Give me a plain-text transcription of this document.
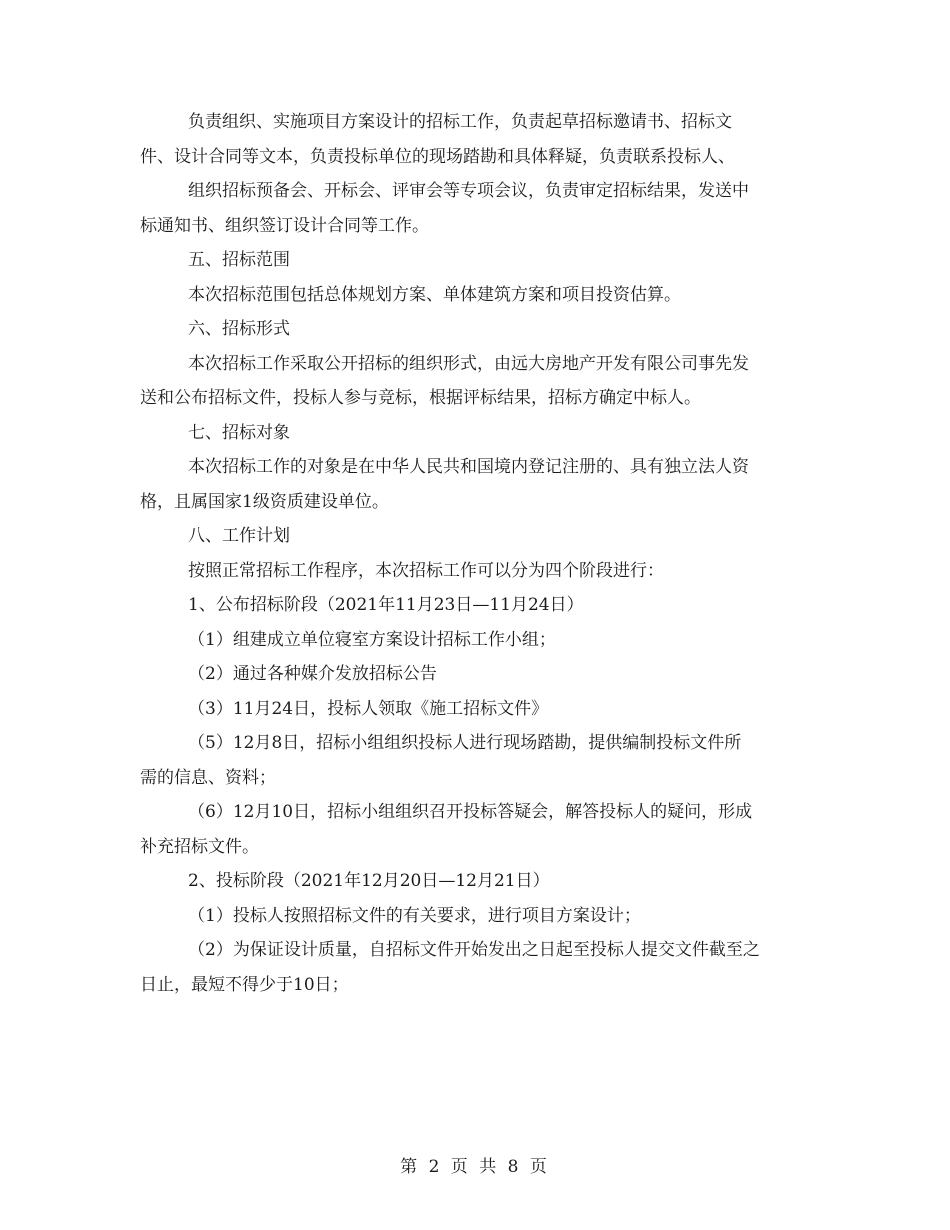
负责组织、实施项目方案设计的招标工作，负责起草招标邀请书、招标文
件、设计合同等文本，负责投标单位的现场踏勘和具体释疑，负责联系投标人、

组织招标预备会、开标会、评审会等专项会议，负责审定招标结果，发送中
标通知书、组织签订设计合同等工作。

五、招标范围

本次招标范围包括总体规划方案、单体建筑方案和项目投资估算。

六、招标形式

本次招标工作采取公开招标的组织形式，由远大房地产开发有限公司事先发
送和公布招标文件，投标人参与竞标，根据评标结果，招标方确定中标人。

七、招标对象

本次招标工作的对象是在中华人民共和国境内登记注册的、具有独立法人资
格，且属国家1级资质建设单位。

八、工作计划

按照正常招标工作程序，本次招标工作可以分为四个阶段进行：

1、公布招标阶段（2021年11月23日—11月24日）

（1）组建成立单位寝室方案设计招标工作小组；

（2）通过各种媒介发放招标公告

（3）11月24日，投标人领取《施工招标文件》

（5）12月8日，招标小组组织投标人进行现场踏勘，提供编制投标文件所
需的信息、资料；

（6）12月10日，招标小组组织召开投标答疑会，解答投标人的疑问，形成
补充招标文件。

2、投标阶段（2021年12月20日—12月21日）

（1）投标人按照招标文件的有关要求，进行项目方案设计；

（2）为保证设计质量，自招标文件开始发出之日起至投标人提交文件截至之
日止，最短不得少于10日；

第 2 页 共 8 页
